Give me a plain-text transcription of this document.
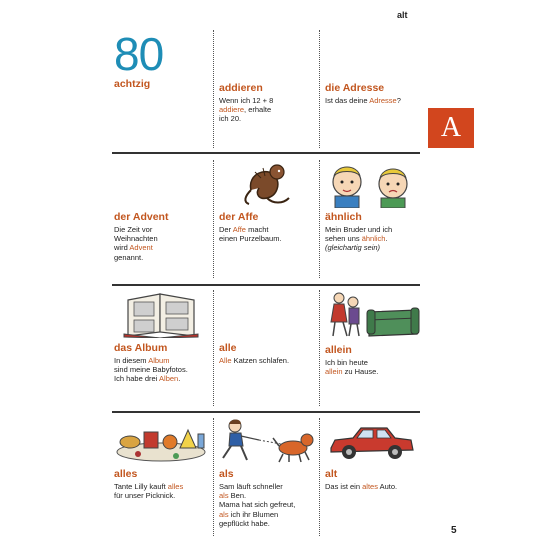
alt
A
5
80

achtzig	addieren

Wenn ich 12 + 8
addiere, erhalte
ich 20.

die Adresse

Ist das deine Adresse?

der Advent

Die Zeit vor
Weihnachten
wird Advent
genannt.

der Affe

Der Affe macht
einen Purzelbaum.

ähnlich

Mein Bruder und ich
sehen uns ähnlich.
(gleichartig sein)

das Album

In diesem Album
sind meine Babyfotos.
Ich habe drei Alben.

alle

Alle Katzen schlafen.

allein

Ich bin heute
allein zu Hause.

alles

Tante Lilly kauft alles
für unser Picknick.

als

Sam läuft schneller
als Ben.
Mama hat sich gefreut,
als ich ihr Blumen
gepflückt habe.

alt

Das ist ein altes Auto.
